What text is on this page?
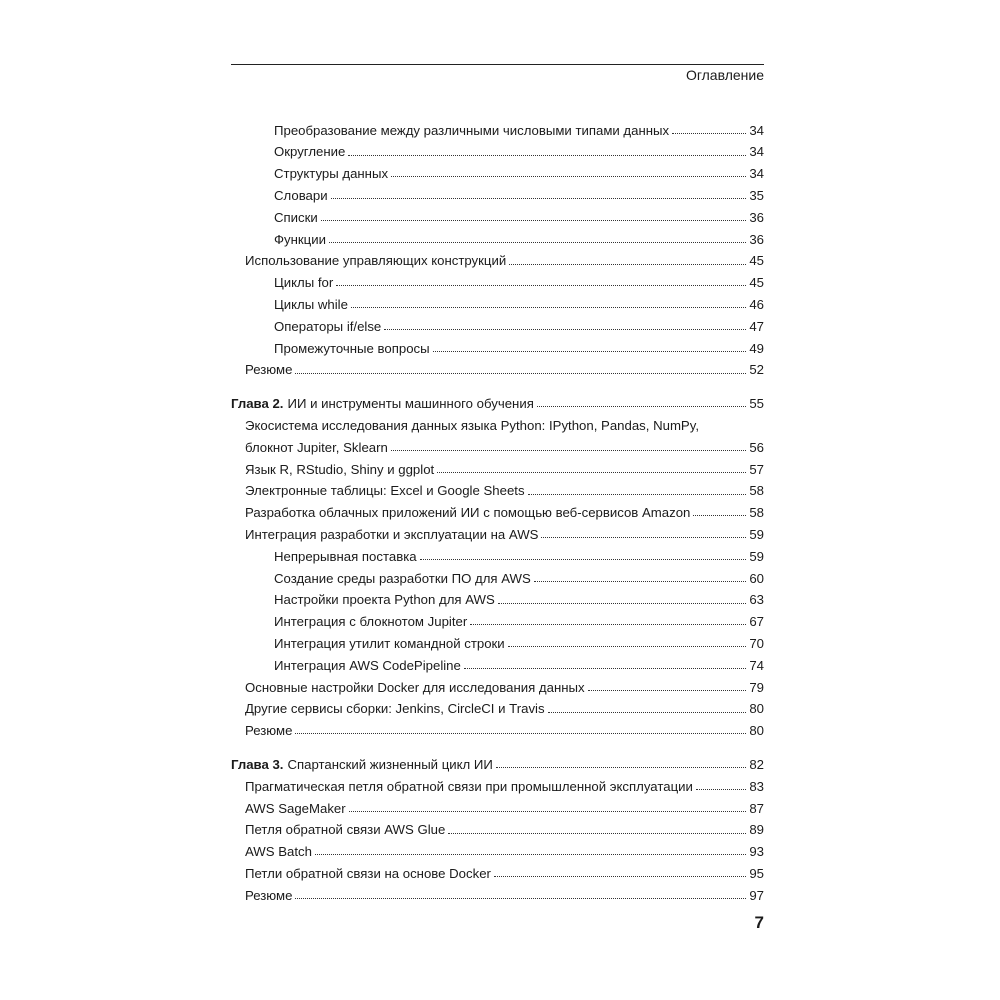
Оглавление
Преобразование между различными числовыми типами данных	34
Округление	34
Структуры данных	34
Словари	35
Списки	36
Функции	36
Использование управляющих конструкций	45
Циклы for	45
Циклы while	46
Операторы if/else	47
Промежуточные вопросы	49
Резюме	52
Глава 2. ИИ и инструменты машинного обучения	55
Экосистема исследования данных языка Python: IPython, Pandas, NumPy,
блокнот Jupiter, Sklearn	56
Язык R, RStudio, Shiny и ggplot	57
Электронные таблицы: Excel и Google Sheets	58
Разработка облачных приложений ИИ с помощью веб-сервисов Amazon	58
Интеграция разработки и эксплуатации на AWS	59
Непрерывная поставка	59
Создание среды разработки ПО для AWS	60
Настройки проекта Python для AWS	63
Интеграция с блокнотом Jupiter	67
Интеграция утилит командной строки	70
Интеграция AWS CodePipeline	74
Основные настройки Docker для исследования данных	79
Другие сервисы сборки: Jenkins, CircleCI и Travis	80
Резюме	80
Глава 3. Спартанский жизненный цикл ИИ	82
Прагматическая петля обратной связи при промышленной эксплуатации	83
AWS SageMaker	87
Петля обратной связи AWS Glue	89
AWS Batch	93
Петли обратной связи на основе Docker	95
Резюме	97
7
